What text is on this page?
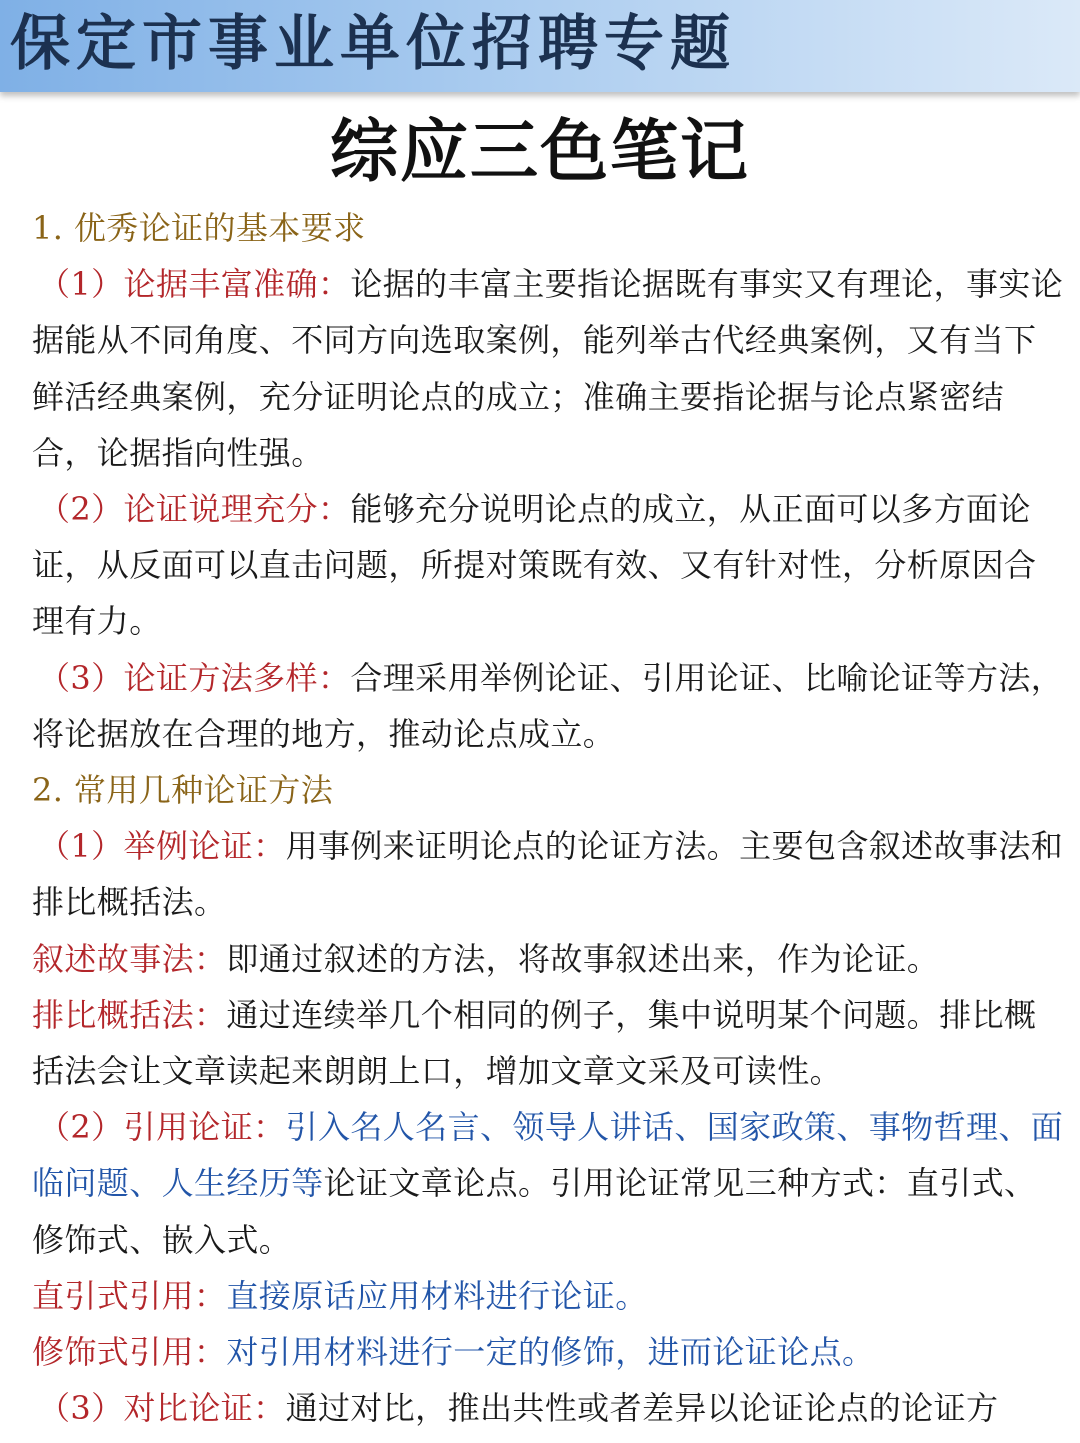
保定市事业单位招聘专题
综应三色笔记
1. 优秀论证的基本要求
（1）论据丰富准确：论据的丰富主要指论据既有事实又有理论，事实论
据能从不同角度、不同方向选取案例，能列举古代经典案例，又有当下
鲜活经典案例，充分证明论点的成立；准确主要指论据与论点紧密结
合，论据指向性强。
（2）论证说理充分：能够充分说明论点的成立，从正面可以多方面论
证，从反面可以直击问题，所提对策既有效、又有针对性，分析原因合
理有力。
（3）论证方法多样：合理采用举例论证、引用论证、比喻论证等方法，
将论据放在合理的地方，推动论点成立。
2. 常用几种论证方法
（1）举例论证：用事例来证明论点的论证方法。主要包含叙述故事法和
排比概括法。
叙述故事法：即通过叙述的方法，将故事叙述出来，作为论证。
排比概括法：通过连续举几个相同的例子，集中说明某个问题。排比概
括法会让文章读起来朗朗上口，增加文章文采及可读性。
（2）引用论证：引入名人名言、领导人讲话、国家政策、事物哲理、面
临问题、人生经历等论证文章论点。引用论证常见三种方式：直引式、
修饰式、嵌入式。
直引式引用：直接原话应用材料进行论证。
修饰式引用：对引用材料进行一定的修饰，进而论证论点。
（3）对比论证：通过对比，推出共性或者差异以论证论点的论证方
